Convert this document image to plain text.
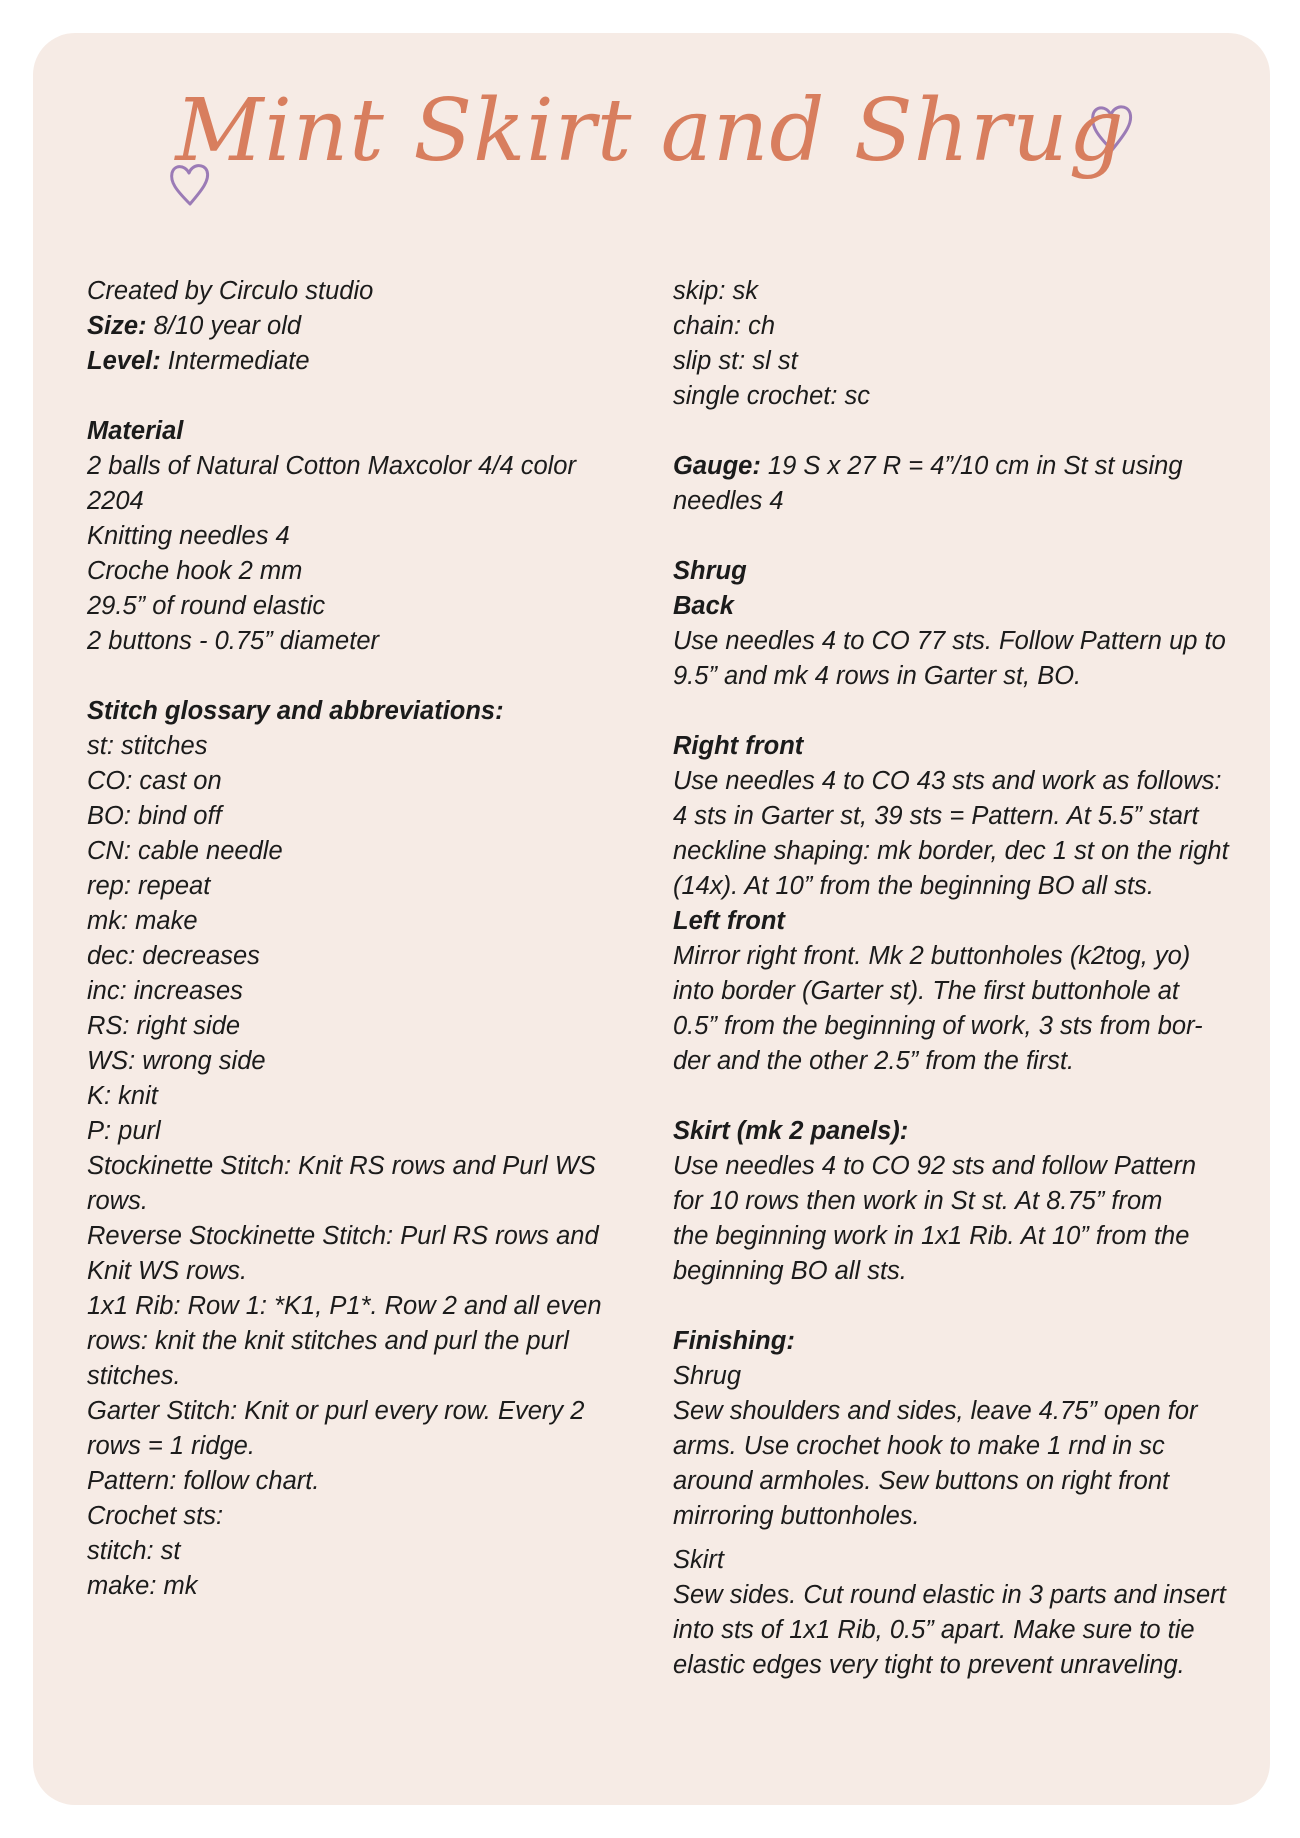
Mint Skirt and Shrug

Created by Circulo studio

Size: 8/10 year old

Level: Intermediate

Material

2 balls of Natural Cotton Maxcolor 4/4 color

2204

Knitting needles 4

Croche hook 2 mm

29.5” of round elastic

2 buttons - 0.75” diameter

Stitch glossary and abbreviations:

st: stitches

CO: cast on

BO: bind off

CN: cable needle

rep: repeat

mk: make

dec: decreases

inc: increases

RS: right side

WS: wrong side

K: knit

P: purl

Stockinette Stitch: Knit RS rows and Purl WS

rows.

Reverse Stockinette Stitch: Purl RS rows and

Knit WS rows.

1x1 Rib: Row 1: *K1, P1*. Row 2 and all even

rows: knit the knit stitches and purl the purl

stitches.

Garter Stitch: Knit or purl every row. Every 2

rows = 1 ridge.

Pattern: follow chart.

Crochet sts:

stitch: st

make: mk

skip: sk

chain: ch

slip st: sl st

single crochet: sc

Gauge: 19 S x 27 R = 4”/10 cm in St st using

needles 4

Shrug

Back

Use needles 4 to CO 77 sts. Follow Pattern up to

9.5” and mk 4 rows in Garter st, BO.

Right front

Use needles 4 to CO 43 sts and work as follows:

4 sts in Garter st, 39 sts = Pattern. At 5.5” start

neckline shaping: mk border, dec 1 st on the right

(14x). At 10” from the beginning BO all sts.

Left front

Mirror right front. Mk 2 buttonholes (k2tog, yo)

into border (Garter st). The first buttonhole at

0.5” from the beginning of work, 3 sts from bor-

der and the other 2.5” from the first.

Skirt (mk 2 panels):

Use needles 4 to CO 92 sts and follow Pattern

for 10 rows then work in St st. At 8.75” from

the beginning work in 1x1 Rib. At 10” from the

beginning BO all sts.

Finishing:

Shrug

Sew shoulders and sides, leave 4.75” open for

arms. Use crochet hook to make 1 rnd in sc

around armholes. Sew buttons on right front

mirroring buttonholes.

Skirt

Sew sides. Cut round elastic in 3 parts and insert

into sts of 1x1 Rib, 0.5” apart. Make sure to tie

elastic edges very tight to prevent unraveling.
